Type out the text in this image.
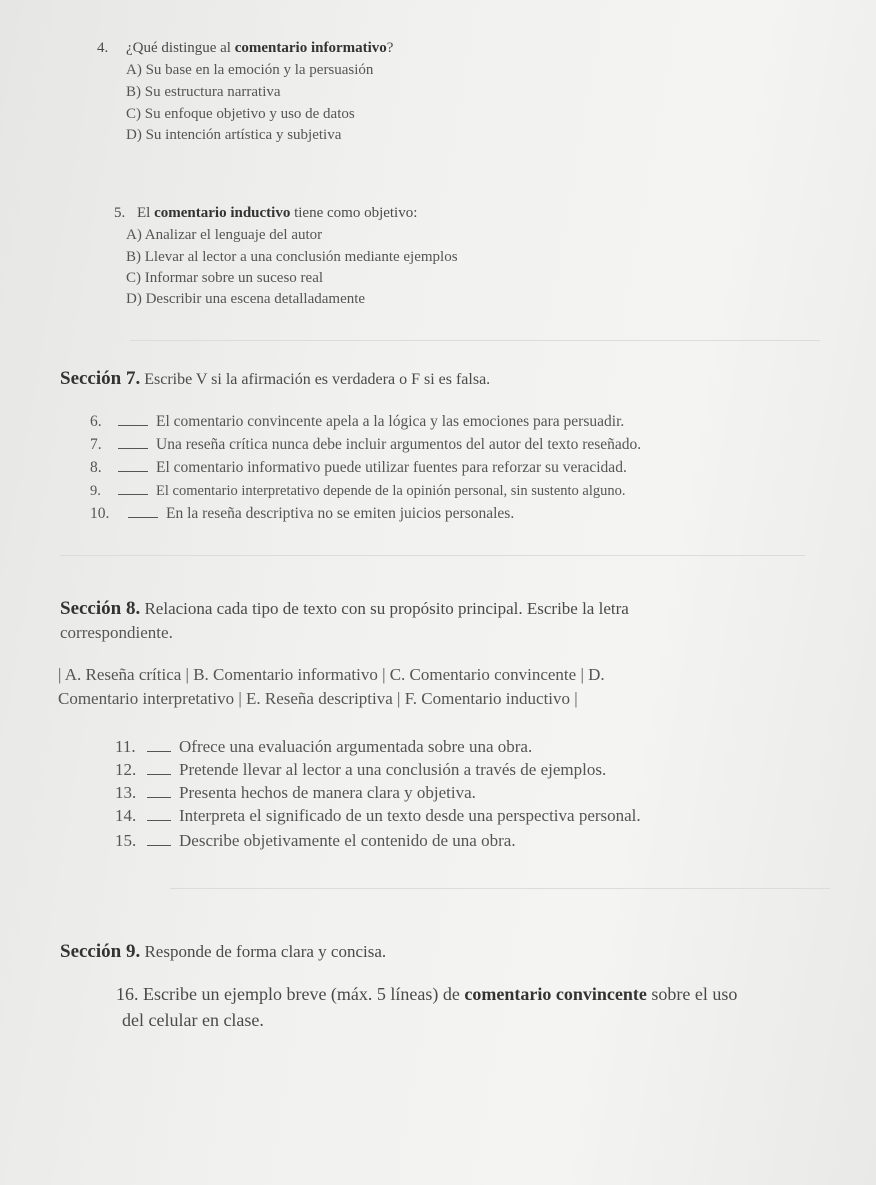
4. ¿Qué distingue al comentario informativo?
A) Su base en la emoción y la persuasión
B) Su estructura narrativa
C) Su enfoque objetivo y uso de datos
D) Su intención artística y subjetiva
5. El comentario inductivo tiene como objetivo:
A) Analizar el lenguaje del autor
B) Llevar al lector a una conclusión mediante ejemplos
C) Informar sobre un suceso real
D) Describir una escena detalladamente
Sección 7. Escribe V si la afirmación es verdadera o F si es falsa.
6.	El comentario convincente apela a la lógica y las emociones para persuadir.
7.	Una reseña crítica nunca debe incluir argumentos del autor del texto reseñado.
8.	El comentario informativo puede utilizar fuentes para reforzar su veracidad.
9.	El comentario interpretativo depende de la opinión personal, sin sustento alguno.
10.	En la reseña descriptiva no se emiten juicios personales.
Sección 8. Relaciona cada tipo de texto con su propósito principal. Escribe la letra
correspondiente.
| A. Reseña crítica | B. Comentario informativo | C. Comentario convincente | D.
Comentario interpretativo | E. Reseña descriptiva | F. Comentario inductivo |
11.	Ofrece una evaluación argumentada sobre una obra.
12.	Pretende llevar al lector a una conclusión a través de ejemplos.
13.	Presenta hechos de manera clara y objetiva.
14.	Interpreta el significado de un texto desde una perspectiva personal.
15.	Describe objetivamente el contenido de una obra.
Sección 9. Responde de forma clara y concisa.
16. Escribe un ejemplo breve (máx. 5 líneas) de comentario convincente sobre el uso
del celular en clase.
